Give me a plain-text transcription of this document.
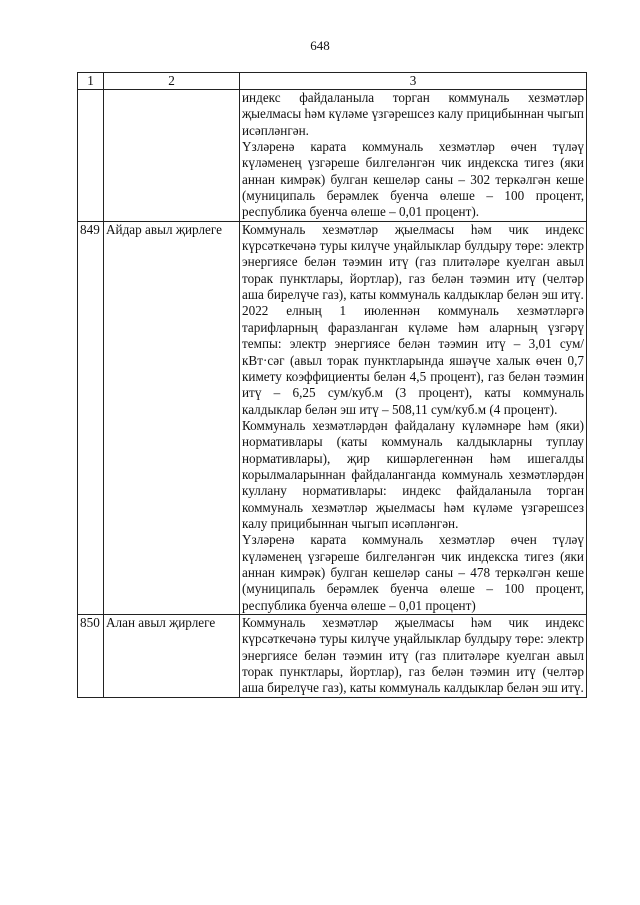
648
1	2	3

		индекс файдаланыла торган коммуналь хезмәтләр җыелмасы һәм күләме үзгәрешсез калу прицибыннан чыгып исәпләнгән.

Үзләренә карата коммуналь хезмәтләр өчен түләү күләменең үзгәреше билгеләнгән чик индекска тигез (яки аннан кимрәк) булган кешеләр саны – 302 теркәлгән кеше (муниципаль берәмлек буенча өлеше – 100 процент, республика буенча өлеше – 0,01 процент).

849	Айдар авыл җирлеге	Коммуналь хезмәтләр җыелмасы һәм чик индекс күрсәткечәнә туры килүче уңайлыклар булдыру төре: электр энергиясе белән тәэмин итү (газ плитәләре куелган авыл торак пунктлары, йортлар), газ белән тәэмин итү (челтәр аша бирелүче газ), каты коммуналь калдыклар белән эш итү.

2022 елның 1 июленнән коммуналь хезмәтләргә тарифларның фаразланган күләме һәм аларның үзгәрү темпы: электр энергиясе белән тәэмин итү – 3,01 сум/кВт·сәг (авыл торак пунктларында яшәүче халык өчен 0,7 кимету коэффициенты белән 4,5 процент), газ белән тәэмин итү – 6,25 сум/куб.м (3 процент), каты коммуналь калдыклар белән эш итү – 508,11 сум/куб.м (4 процент).

Коммуналь хезмәтләрдән файдалану күләмнәре һәм (яки) нормативлары (каты коммуналь калдыкларны туплау нормативлары), җир кишәрлегеннән һәм ишегалды корылмаларыннан файдаланганда коммуналь хезмәтләрдән куллану нормативлары: индекс файдаланыла торган коммуналь хезмәтләр җыелмасы һәм күләме үзгәрешсез калу прицибыннан чыгып исәпләнгән.

Үзләренә карата коммуналь хезмәтләр өчен түләү күләменең үзгәреше билгеләнгән чик индекска тигез (яки аннан кимрәк) булган кешеләр саны – 478 теркәлгән кеше (муниципаль берәмлек буенча өлеше – 100 процент, республика буенча өлеше – 0,01 процент)

850	Алан авыл җирлеге	Коммуналь хезмәтләр җыелмасы һәм чик индекс күрсәткечәнә туры килүче уңайлыклар булдыру төре: электр энергиясе белән тәэмин итү (газ плитәләре куелган авыл торак пунктлары, йортлар), газ белән тәэмин итү (челтәр аша бирелүче газ), каты коммуналь калдыклар белән эш итү.
